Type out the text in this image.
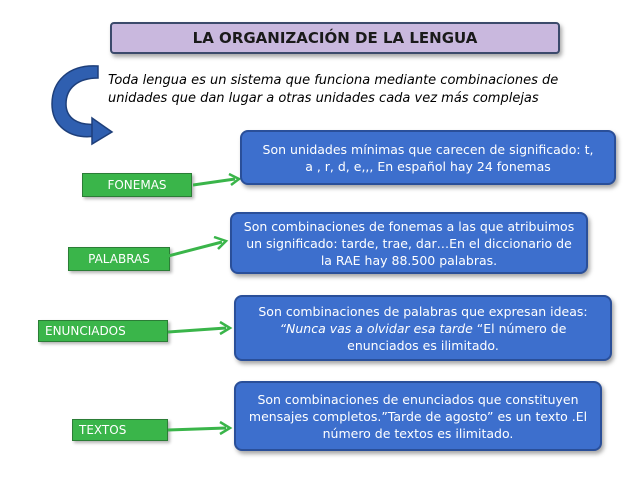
LA ORGANIZACIÓN DE LA LENGUA
Toda lengua es un sistema que funciona mediante combinaciones de
unidades que dan lugar a otras unidades cada vez más complejas
FONEMAS
Son unidades mínimas que carecen de significado: t,
a , r, d, e,,, En español hay 24 fonemas
PALABRAS
Son combinaciones de fonemas a las que atribuimos
un significado: tarde, trae, dar…En el diccionario de
la RAE hay 88.500 palabras.
ENUNCIADOS
Son combinaciones de palabras que expresan ideas:
“Nunca vas a olvidar esa tarde “El número de
enunciados es ilimitado.
TEXTOS
Son combinaciones de enunciados que constituyen
mensajes completos.”Tarde de agosto” es un texto .El
número de textos es ilimitado.
